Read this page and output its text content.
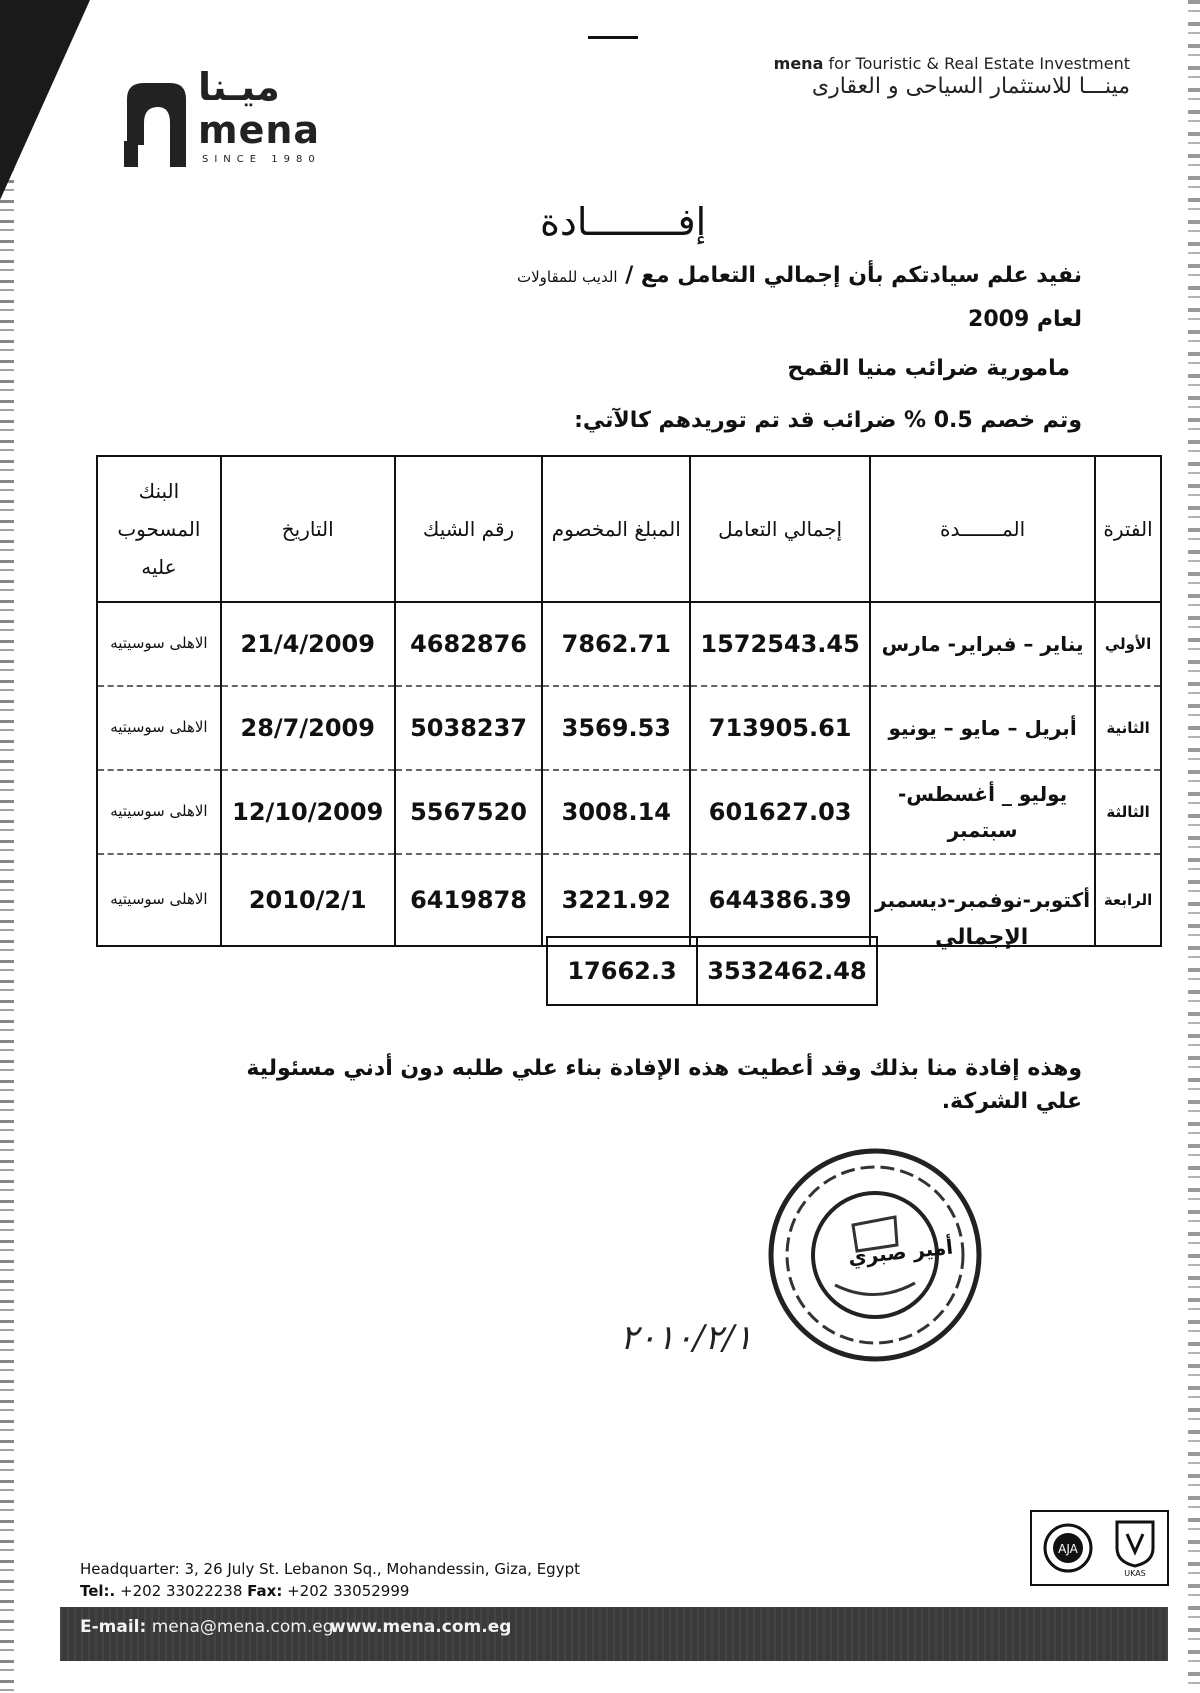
ميـنا
mena
SINCE 1980
mena for Touristic & Real Estate Investment
مينـــا للاستثمار السياحى و العقارى
إفــــــــادة
نفيد علم سيادتكم بأن إجمالي التعامل مع / الديب للمقاولات
لعام 2009
مامورية ضرائب منيا القمح
وتم خصم 0.5 % ضرائب قد تم توريدهم كالآتي:
الفترة	المـــــــدة	إجمالي التعامل	المبلغ المخصوم	رقم الشيك	التاريخ	البنك المسحوب عليه
الأولي	يناير – فبراير- مارس	1572543.45	7862.71	4682876	21/4/2009	الاهلى سوسيتيه
الثانية	أبريل – مايو – يونيو	713905.61	3569.53	5038237	28/7/2009	الاهلى سوسيتيه
الثالثة	يوليو _ أغسطس- سبتمبر	601627.03	3008.14	5567520	12/10/2009	الاهلى سوسيتيه
الرابعة	أكتوبر-نوفمبر-ديسمبر	644386.39	3221.92	6419878	2010/2/1	الاهلى سوسيتيه
الإجمالي
17662.3	3532462.48
وهذه إفادة منا بذلك وقد أعطيت هذه الإفادة بناء علي طلبه دون أدني مسئولية علي الشركة.
أمير صبري
٢٠١٠/٢/١
AJA
UKAS
Headquarter: 3, 26 July St. Lebanon Sq., Mohandessin, Giza, Egypt
Tel:. +202 33022238 Fax: +202 33052999
E-mail: mena@mena.com.eg
www.mena.com.eg
